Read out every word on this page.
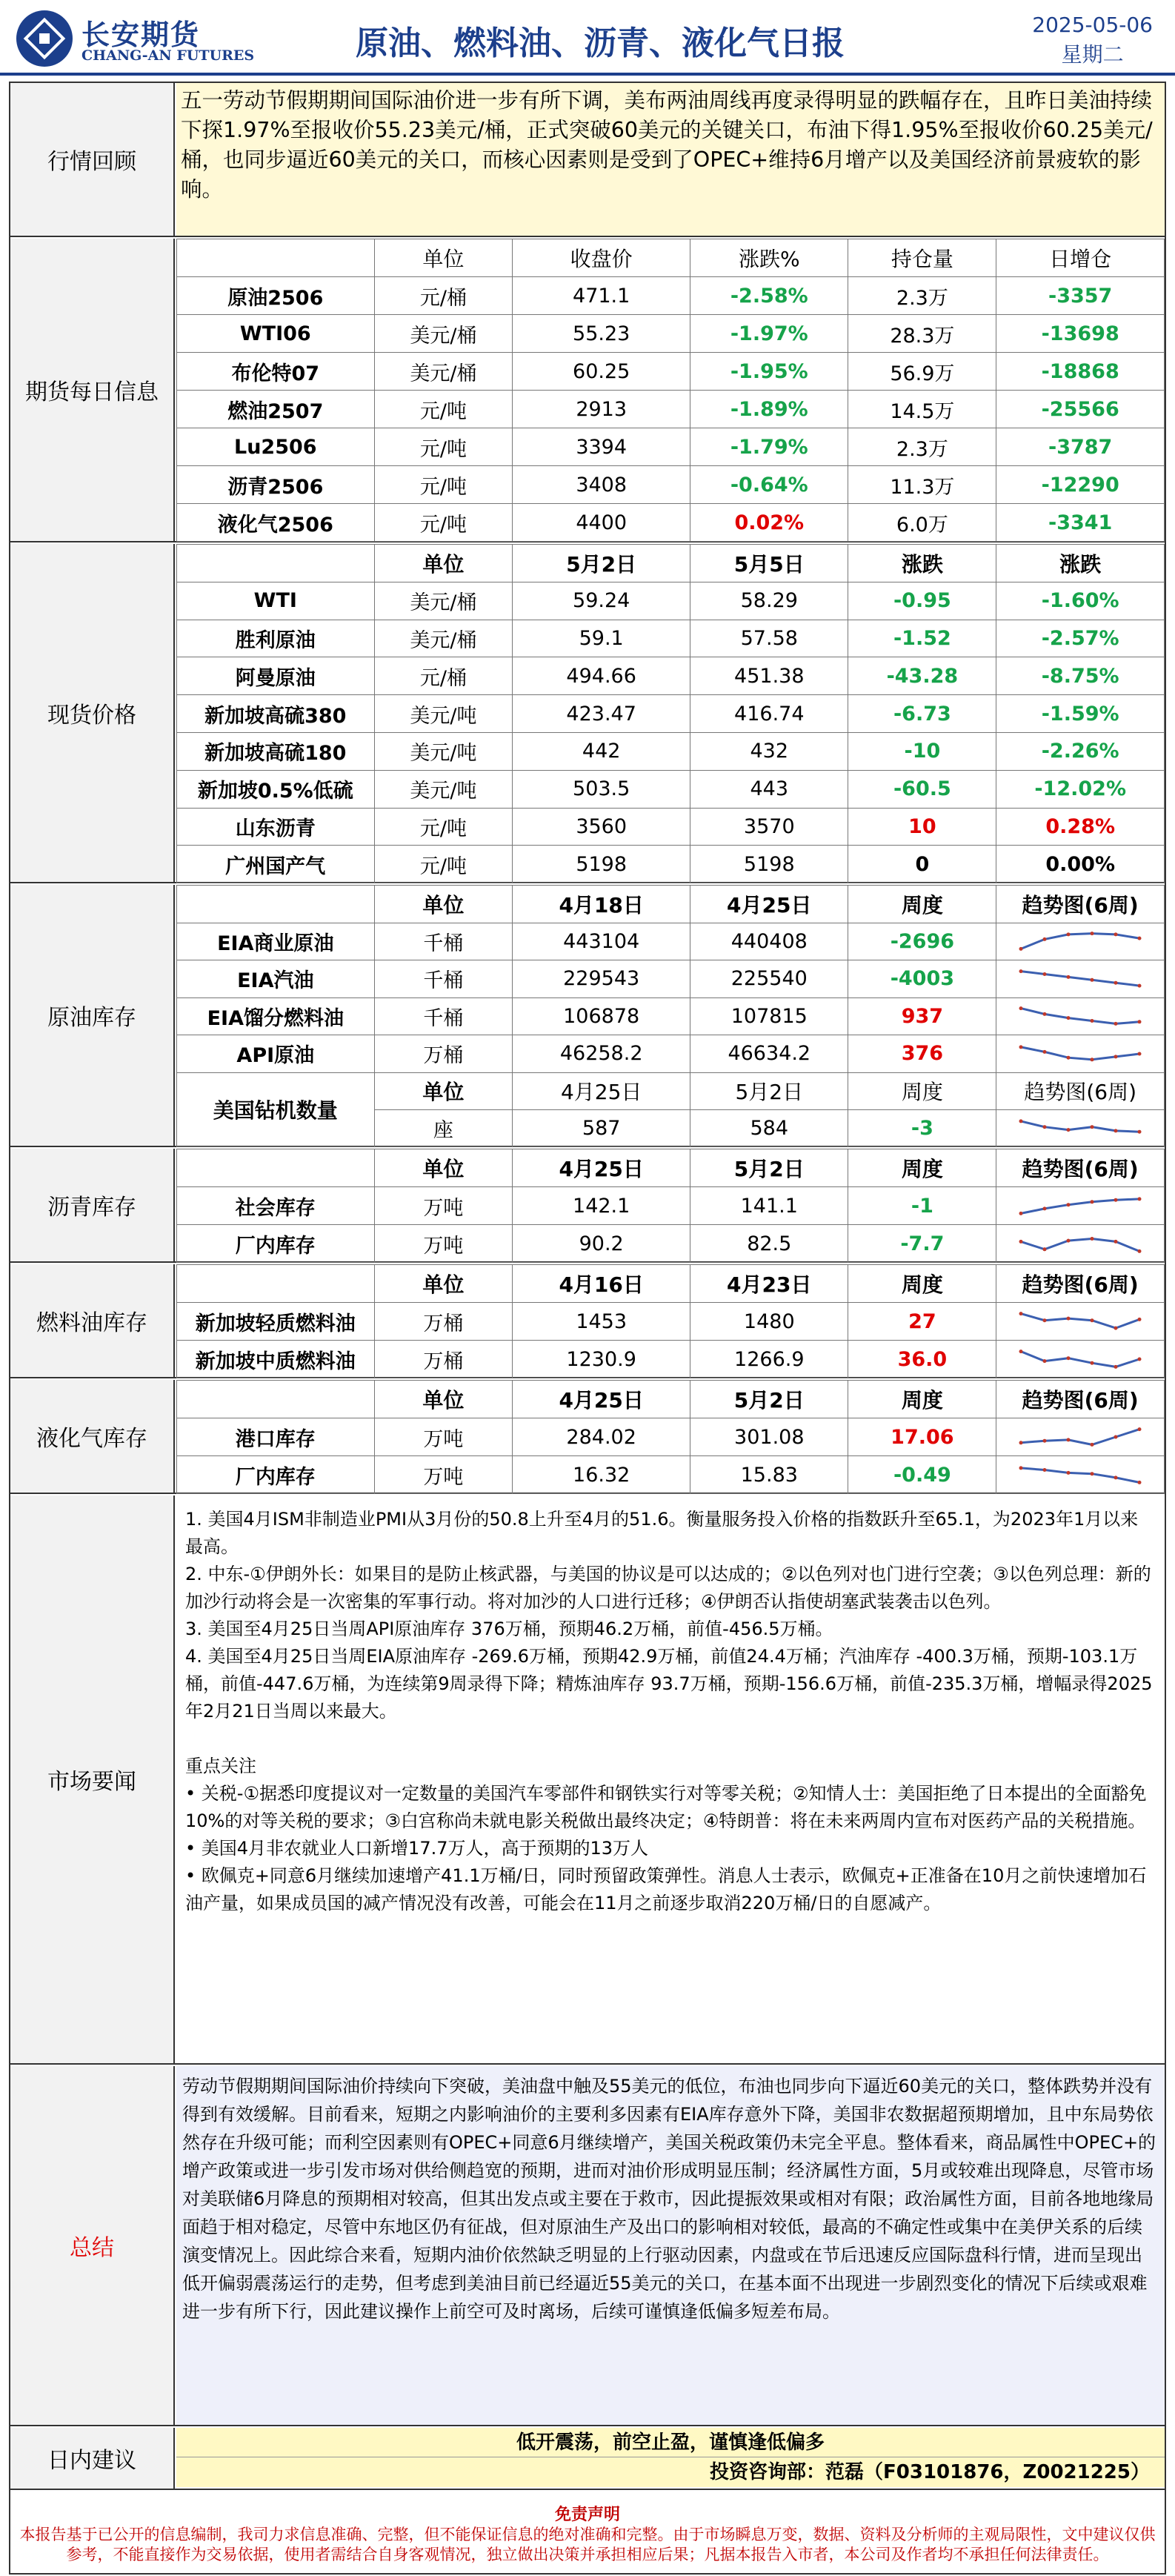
长安期货
CHANG-AN FUTURES	原油、燃料油、沥青、液化气日报	2025-05-06
星期二
行情回顾
五一劳动节假期期间国际油价进一步有所下调，美布两油周线再度录得明显的跌幅存在，且昨日美油持续下探1.97%至报收价55.23美元/桶，正式突破60美元的关键关口，布油下得1.95%至报收价60.25美元/桶，也同步逼近60美元的关口，而核心因素则是受到了OPEC+维持6月增产以及美国经济前景疲软的影响。
期货每日信息
	单位	收盘价	涨跌%	持仓量	日增仓
原油2506	元/桶	471.1	-2.58%	2.3万	-3357
WTI06	美元/桶	55.23	-1.97%	28.3万	-13698
布伦特07	美元/桶	60.25	-1.95%	56.9万	-18868
燃油2507	元/吨	2913	-1.89%	14.5万	-25566
Lu2506	元/吨	3394	-1.79%	2.3万	-3787
沥青2506	元/吨	3408	-0.64%	11.3万	-12290
液化气2506	元/吨	4400	0.02%	6.0万	-3341
现货价格
	单位	5月2日	5月5日	涨跌	涨跌
WTI	美元/桶	59.24	58.29	-0.95	-1.60%
胜利原油	美元/桶	59.1	57.58	-1.52	-2.57%
阿曼原油	元/桶	494.66	451.38	-43.28	-8.75%
新加坡高硫380	美元/吨	423.47	416.74	-6.73	-1.59%
新加坡高硫180	美元/吨	442	432	-10	-2.26%
新加坡0.5%低硫	美元/吨	503.5	443	-60.5	-12.02%
山东沥青	元/吨	3560	3570	10	0.28%
广州国产气	元/吨	5198	5198	0	0.00%
原油库存
	单位	4月18日	4月25日	周度	趋势图(6周)
EIA商业原油	千桶	443104	440408	-2696	

EIA汽油	千桶	229543	225540	-4003	

EIA馏分燃料油	千桶	106878	107815	937	

API原油	万桶	46258.2	46634.2	376	

美国钻机数量	单位	4月25日	5月2日	周度	趋势图(6周)
	座	587	584	-3	
沥青库存
	单位	4月25日	5月2日	周度	趋势图(6周)
社会库存	万吨	142.1	141.1	-1	

厂内库存	万吨	90.2	82.5	-7.7	
燃料油库存
	单位	4月16日	4月23日	周度	趋势图(6周)
新加坡轻质燃料油	万桶	1453	1480	27	

新加坡中质燃料油	万桶	1230.9	1266.9	36.0	
液化气库存
	单位	4月25日	5月2日	周度	趋势图(6周)
港口库存	万吨	284.02	301.08	17.06	

厂内库存	万吨	16.32	15.83	-0.49	
市场要闻

1. 美国4月ISM非制造业PMI从3月份的50.8上升至4月的51.6。衡量服务投入价格的指数跃升至65.1，为2023年1月以来最高。

2. 中东-①伊朗外长：如果目的是防止核武器，与美国的协议是可以达成的；②以色列对也门进行空袭；③以色列总理：新的加沙行动将会是一次密集的军事行动。将对加沙的人口进行迁移；④伊朗否认指使胡塞武装袭击以色列。

3. 美国至4月25日当周API原油库存 376万桶，预期46.2万桶，前值-456.5万桶。

4. 美国至4月25日当周EIA原油库存 -269.6万桶，预期42.9万桶，前值24.4万桶；汽油库存 -400.3万桶，预期-103.1万桶，前值-447.6万桶，为连续第9周录得下降；精炼油库存 93.7万桶，预期-156.6万桶，前值-235.3万桶，增幅录得2025年2月21日当周以来最大。

重点关注

• 关税-①据悉印度提议对一定数量的美国汽车零部件和钢铁实行对等零关税；②知情人士：美国拒绝了日本提出的全面豁免10%的对等关税的要求；③白宫称尚未就电影关税做出最终决定；④特朗普：将在未来两周内宣布对医药产品的关税措施。

• 美国4月非农就业人口新增17.7万人，高于预期的13万人

• 欧佩克+同意6月继续加速增产41.1万桶/日，同时预留政策弹性。消息人士表示，欧佩克+正准备在10月之前快速增加石油产量，如果成员国的减产情况没有改善，可能会在11月之前逐步取消220万桶/日的自愿减产。

总结
劳动节假期期间国际油价持续向下突破，美油盘中触及55美元的低位，布油也同步向下逼近60美元的关口，整体跌势并没有得到有效缓解。目前看来，短期之内影响油价的主要利多因素有EIA库存意外下降，美国非农数据超预期增加，且中东局势依然存在升级可能；而利空因素则有OPEC+同意6月继续增产，美国关税政策仍未完全平息。整体看来，商品属性中OPEC+的增产政策或进一步引发市场对供给侧趋宽的预期，进而对油价形成明显压制；经济属性方面，5月或较难出现降息，尽管市场对美联储6月降息的预期相对较高，但其出发点或主要在于救市，因此提振效果或相对有限；政治属性方面，目前各地地缘局面趋于相对稳定，尽管中东地区仍有征战，但对原油生产及出口的影响相对较低，最高的不确定性或集中在美伊关系的后续演变情况上。因此综合来看，短期内油价依然缺乏明显的上行驱动因素，内盘或在节后迅速反应国际盘科行情，进而呈现出低开偏弱震荡运行的走势，但考虑到美油目前已经逼近55美元的关口，在基本面不出现进一步剧烈变化的情况下后续或艰难进一步有所下行，因此建议操作上前空可及时离场，后续可谨慎逢低偏多短差布局。
日内建议
低开震荡，前空止盈，谨慎逢低偏多
投资咨询部：范磊（F03101876，Z0021225）
免责声明
本报告基于已公开的信息编制，我司力求信息准确、完整，但不能保证信息的绝对准确和完整。由于市场瞬息万变，数据、资料及分析师的主观局限性，文中建议仅供参考，不能直接作为交易依据，使用者需结合自身客观情况，独立做出决策并承担相应后果；凡据本报告入市者，本公司及作者均不承担任何法律责任。
